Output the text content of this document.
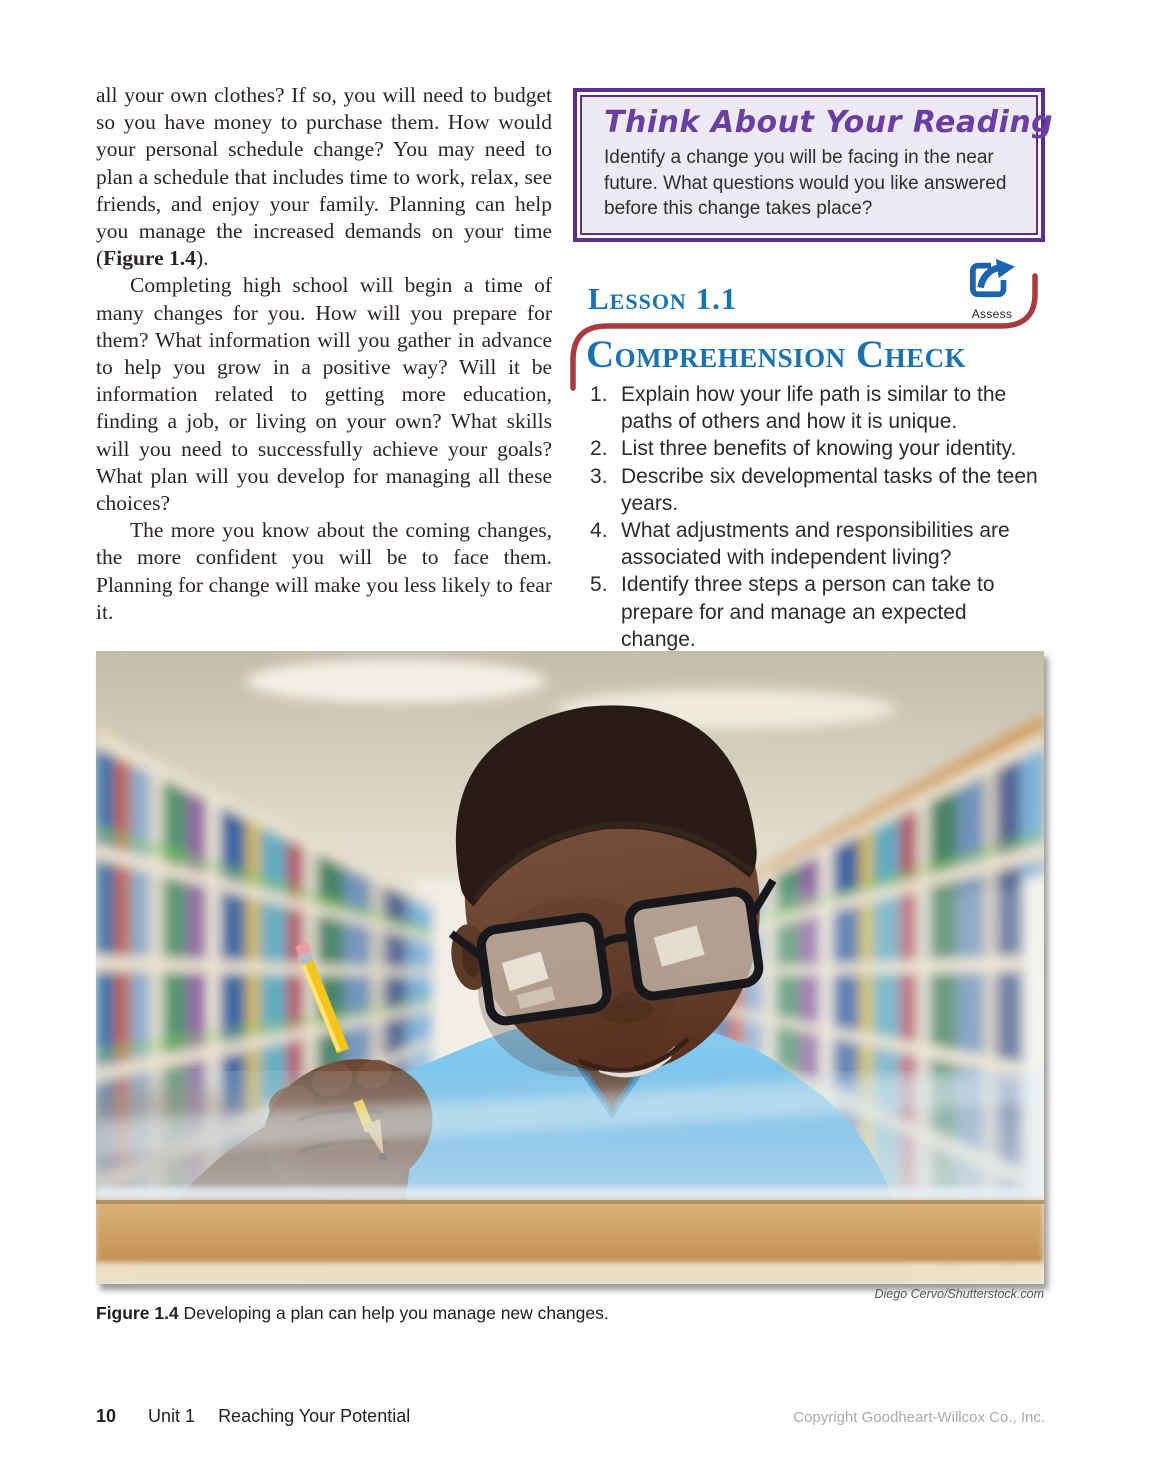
all your own clothes? If so, you will need to budget so you have money to purchase them. How would your personal schedule change? You may need to plan a schedule that includes time to work, relax, see friends, and enjoy your family. Planning can help you manage the increased demands on your time (Figure 1.4).

Completing high school will begin a time of many changes for you. How will you prepare for them? What information will you gather in advance to help you grow in a positive way? Will it be information related to getting more education, finding a job, or living on your own? What skills will you need to successfully achieve your goals? What plan will you develop for managing all these choices?

The more you know about the coming changes, the more confident you will be to face them. Planning for change will make you less likely to fear it.

Think About Your Reading
Identify a change you will be facing in the near future. What questions would you like answered before this change takes place?
Lesson 1.1	Assess
Comprehension Check
Explain how your life path is similar to the paths of others and how it is unique.
List three benefits of knowing your identity.
Describe six developmental tasks of the teen years.
What adjustments and responsibilities are associated with independent living?
Identify three steps a person can take to prepare for and manage an expected change.
Diego Cervo/Shutterstock.com

Figure 1.4 Developing a plan can help you manage new changes.

10 Unit 1 Reaching Your Potential	Copyright Goodheart-Willcox Co., Inc.
